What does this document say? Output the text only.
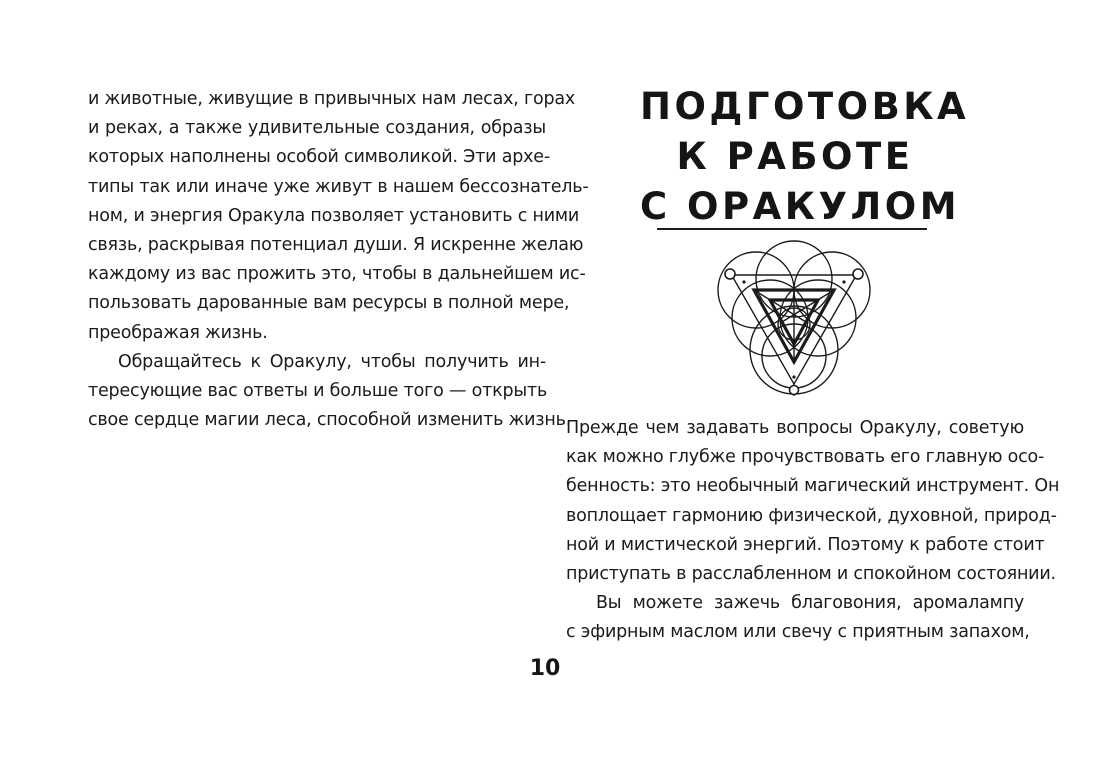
и животные, живущие в привычных нам лесах, горах
и реках, а также удивительные создания, образы
которых наполнены особой символикой. Эти архе-
типы так или иначе уже живут в нашем бессознатель-
ном, и энергия Оракула позволяет установить с ними
связь, раскрывая потенциал души. Я искренне желаю
каждому из вас прожить это, чтобы в дальнейшем ис-
пользовать дарованные вам ресурсы в полной мере,
преображая жизнь.
Обращайтесь к Оракулу, чтобы получить ин-
тересующие вас ответы и больше того — открыть
свое сердце магии леса, способной изменить жизнь.
ПОДГОТОВКА
К РАБОТЕ
С ОРАКУЛОМ
Прежде чем задавать вопросы Оракулу, советую
как можно глубже прочувствовать его главную осо-
бенность: это необычный магический инструмент. Он
воплощает гармонию физической, духовной, природ-
ной и мистической энергий. Поэтому к работе стоит
приступать в расслабленном и спокойном состоянии.
Вы можете зажечь благовония, аромалампу
с эфирным маслом или свечу с приятным запахом,
10
